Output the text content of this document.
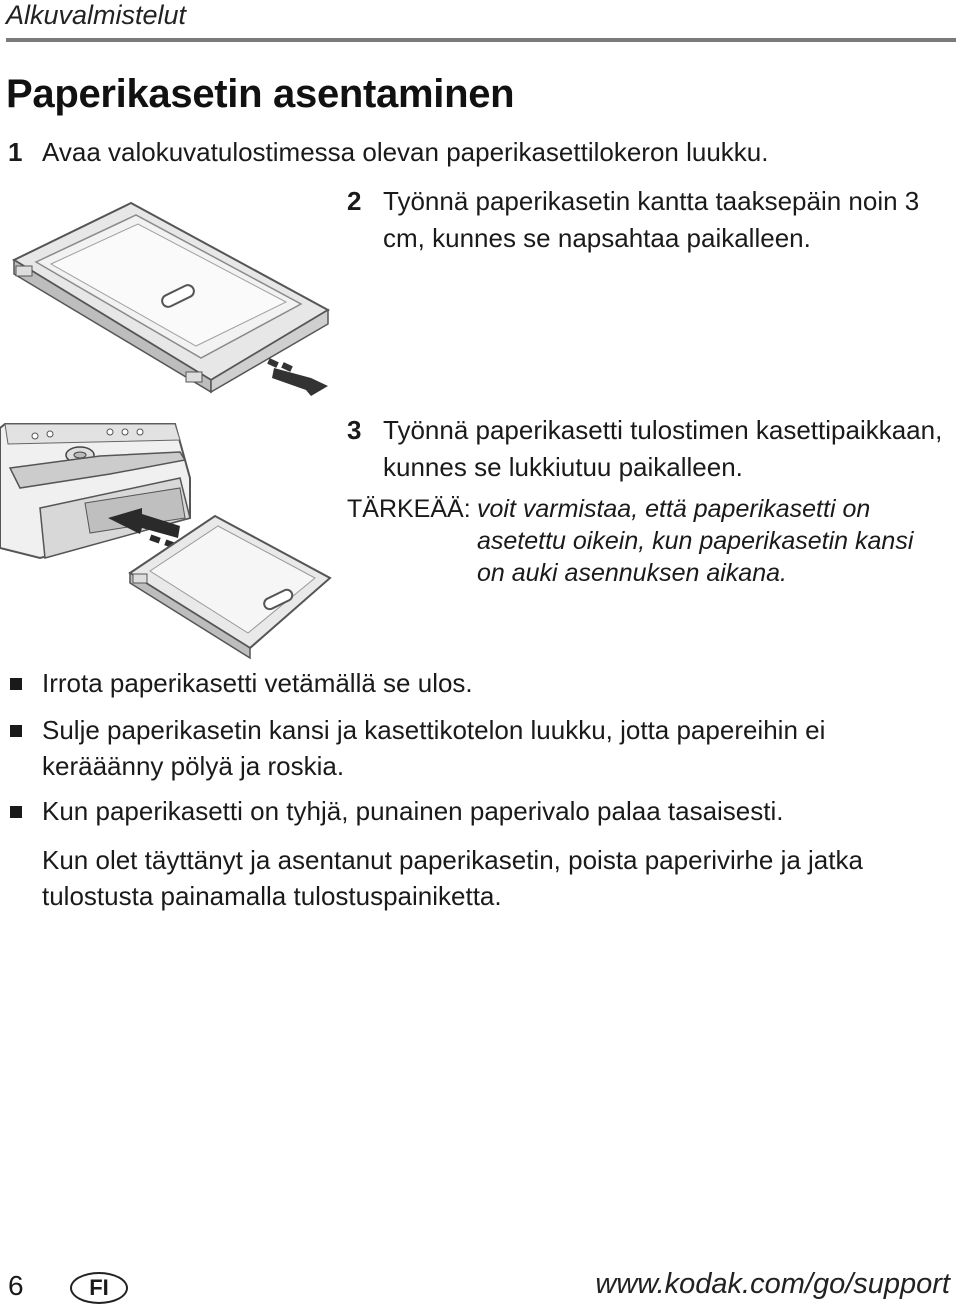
Alkuvalmistelut
Paperikasetin asentaminen
1 Avaa valokuvatulostimessa olevan paperikasettilokeron luukku.
2 Työnnä paperikasetin kantta taaksepäin noin 3 cm, kunnes se napsahtaa paikalleen.
3 Työnnä paperikasetti tulostimen kasettipaikkaan, kunnes se lukkiutuu paikalleen.
TÄRKEÄÄ: voit varmistaa, että paperikasetti on asetettu oikein, kun paperikasetin kansi on auki asennuksen aikana.
Irrota paperikasetti vetämällä se ulos.
Sulje paperikasetin kansi ja kasettikotelon luukku, jotta papereihin ei kerääänny pölyä ja roskia.
Kun paperikasetti on tyhjä, punainen paperivalo palaa tasaisesti.
Kun olet täyttänyt ja asentanut paperikasetin, poista paperivirhe ja jatka tulostusta painamalla tulostuspainiketta.
6	FI	www.kodak.com/go/support
